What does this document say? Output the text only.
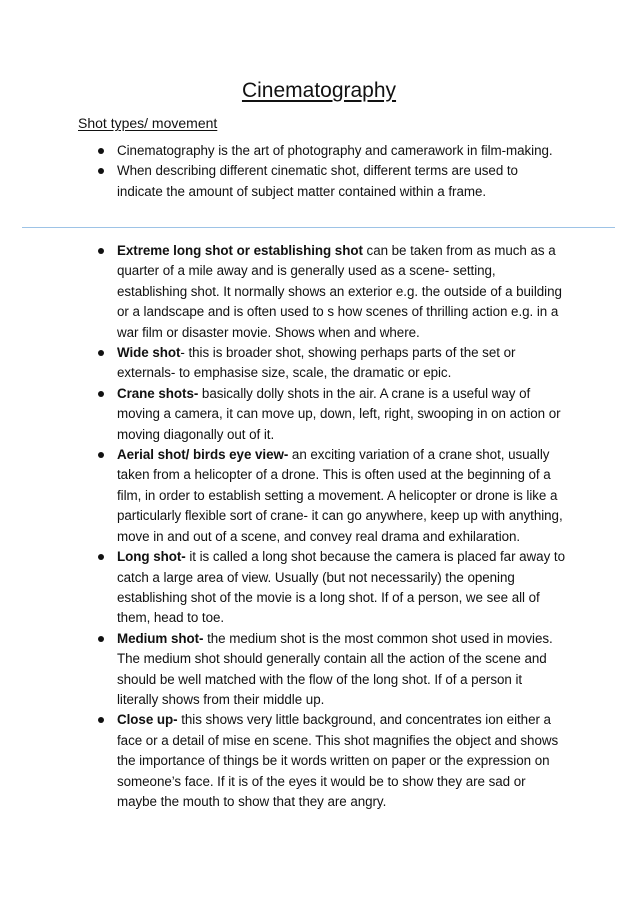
Cinematography

Shot types/ movement

Cinematography is the art of photography and camerawork in film-making.
When describing different cinematic shot, different terms are used to indicate the amount of subject matter contained within a frame.
Extreme long shot or establishing shot can be taken from as much as a quarter of a mile away and is generally used as a scene- setting, establishing shot. It normally shows an exterior e.g. the outside of a building or a landscape and is often used to s how scenes of thrilling action e.g. in a war film or disaster movie. Shows when and where.
Wide shot- this is broader shot, showing perhaps parts of the set or externals- to emphasise size, scale, the dramatic or epic.
Crane shots- basically dolly shots in the air. A crane is a useful way of moving a camera, it can move up, down, left, right, swooping in on action or moving diagonally out of it.
Aerial shot/ birds eye view- an exciting variation of a crane shot, usually taken from a helicopter of a drone. This is often used at the beginning of a film, in order to establish setting a movement. A helicopter or drone is like a particularly flexible sort of crane- it can go anywhere, keep up with anything, move in and out of a scene, and convey real drama and exhilaration.
Long shot- it is called a long shot because the camera is placed far away to catch a large area of view. Usually (but not necessarily) the opening establishing shot of the movie is a long shot. If of a person, we see all of them, head to toe.
Medium shot- the medium shot is the most common shot used in movies. The medium shot should generally contain all the action of the scene and should be well matched with the flow of the long shot. If of a person it literally shows from their middle up.
Close up- this shows very little background, and concentrates ion either a face or a detail of mise en scene. This shot magnifies the object and shows the importance of things be it words written on paper or the expression on someone’s face. If it is of the eyes it would be to show they are sad or maybe the mouth to show that they are angry.
